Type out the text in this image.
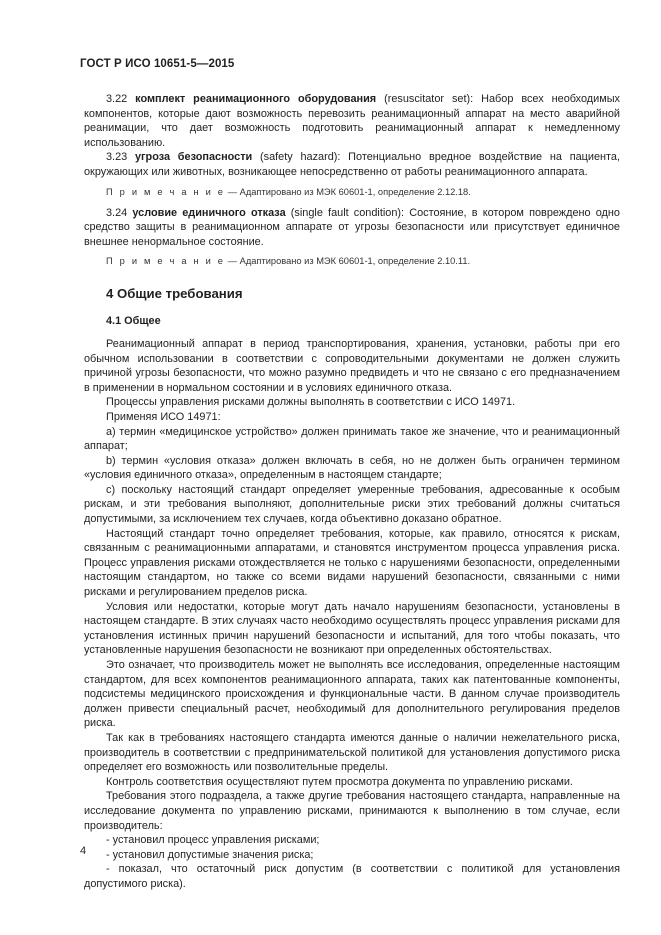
ГОСТ Р ИСО 10651-5—2015

3.22 комплект реанимационного оборудования (resuscitator set): Набор всех необходимых компонентов, которые дают возможность перевозить реанимационный аппарат на место аварийной реанимации, что дает возможность подготовить реанимационный аппарат к немедленному использованию.

3.23 угроза безопасности (safety hazard): Потенциально вредное воздействие на пациента, окружающих или животных, возникающее непосредственно от работы реанимационного аппарата.

П р и м е ч а н и е — Адаптировано из МЭК 60601-1, определение 2.12.18.

3.24 условие единичного отказа (single fault condition): Состояние, в котором повреждено одно средство защиты в реанимационном аппарате от угрозы безопасности или присутствует единичное внешнее ненормальное состояние.

П р и м е ч а н и е — Адаптировано из МЭК 60601-1, определение 2.10.11.

4 Общие требования
4.1 Общее

Реанимационный аппарат в период транспортирования, хранения, установки, работы при его обычном использовании в соответствии с сопроводительными документами не должен служить причиной угрозы безопасности, что можно разумно предвидеть и что не связано с его предназначением в применении в нормальном состоянии и в условиях единичного отказа.

Процессы управления рисками должны выполнять в соответствии с ИСО 14971.

Применяя ИСО 14971:

a) термин «медицинское устройство» должен принимать такое же значение, что и реанимационный аппарат;

b) термин «условия отказа» должен включать в себя, но не должен быть ограничен термином «условия единичного отказа», определенным в настоящем стандарте;

c) поскольку настоящий стандарт определяет умеренные требования, адресованные к особым рискам, и эти требования выполняют, дополнительные риски этих требований должны считаться допустимыми, за исключением тех случаев, когда объективно доказано обратное.

Настоящий стандарт точно определяет требования, которые, как правило, относятся к рискам, связанным с реанимационными аппаратами, и становятся инструментом процесса управления риска. Процесс управления рисками отождествляется не только с нарушениями безопасности, определенными настоящим стандартом, но также со всеми видами нарушений безопасности, связанными с ними рисками и регулированием пределов риска.

Условия или недостатки, которые могут дать начало нарушениям безопасности, установлены в настоящем стандарте. В этих случаях часто необходимо осуществлять процесс управления рисками для установления истинных причин нарушений безопасности и испытаний, для того чтобы показать, что установленные нарушения безопасности не возникают при определенных обстоятельствах.

Это означает, что производитель может не выполнять все исследования, определенные настоящим стандартом, для всех компонентов реанимационного аппарата, таких как патентованные компоненты, подсистемы медицинского происхождения и функциональные части. В данном случае производитель должен привести специальный расчет, необходимый для дополнительного регулирования пределов риска.

Так как в требованиях настоящего стандарта имеются данные о наличии нежелательного риска, производитель в соответствии с предпринимательской политикой для установления допустимого риска определяет его возможность или позволительные пределы.

Контроль соответствия осуществляют путем просмотра документа по управлению рисками.

Требования этого подраздела, а также другие требования настоящего стандарта, направленные на исследование документа по управлению рисками, принимаются к выполнению в том случае, если производитель:

- установил процесс управления рисками;

- установил допустимые значения риска;

- показал, что остаточный риск допустим (в соответствии с политикой для установления допустимого риска).

4
